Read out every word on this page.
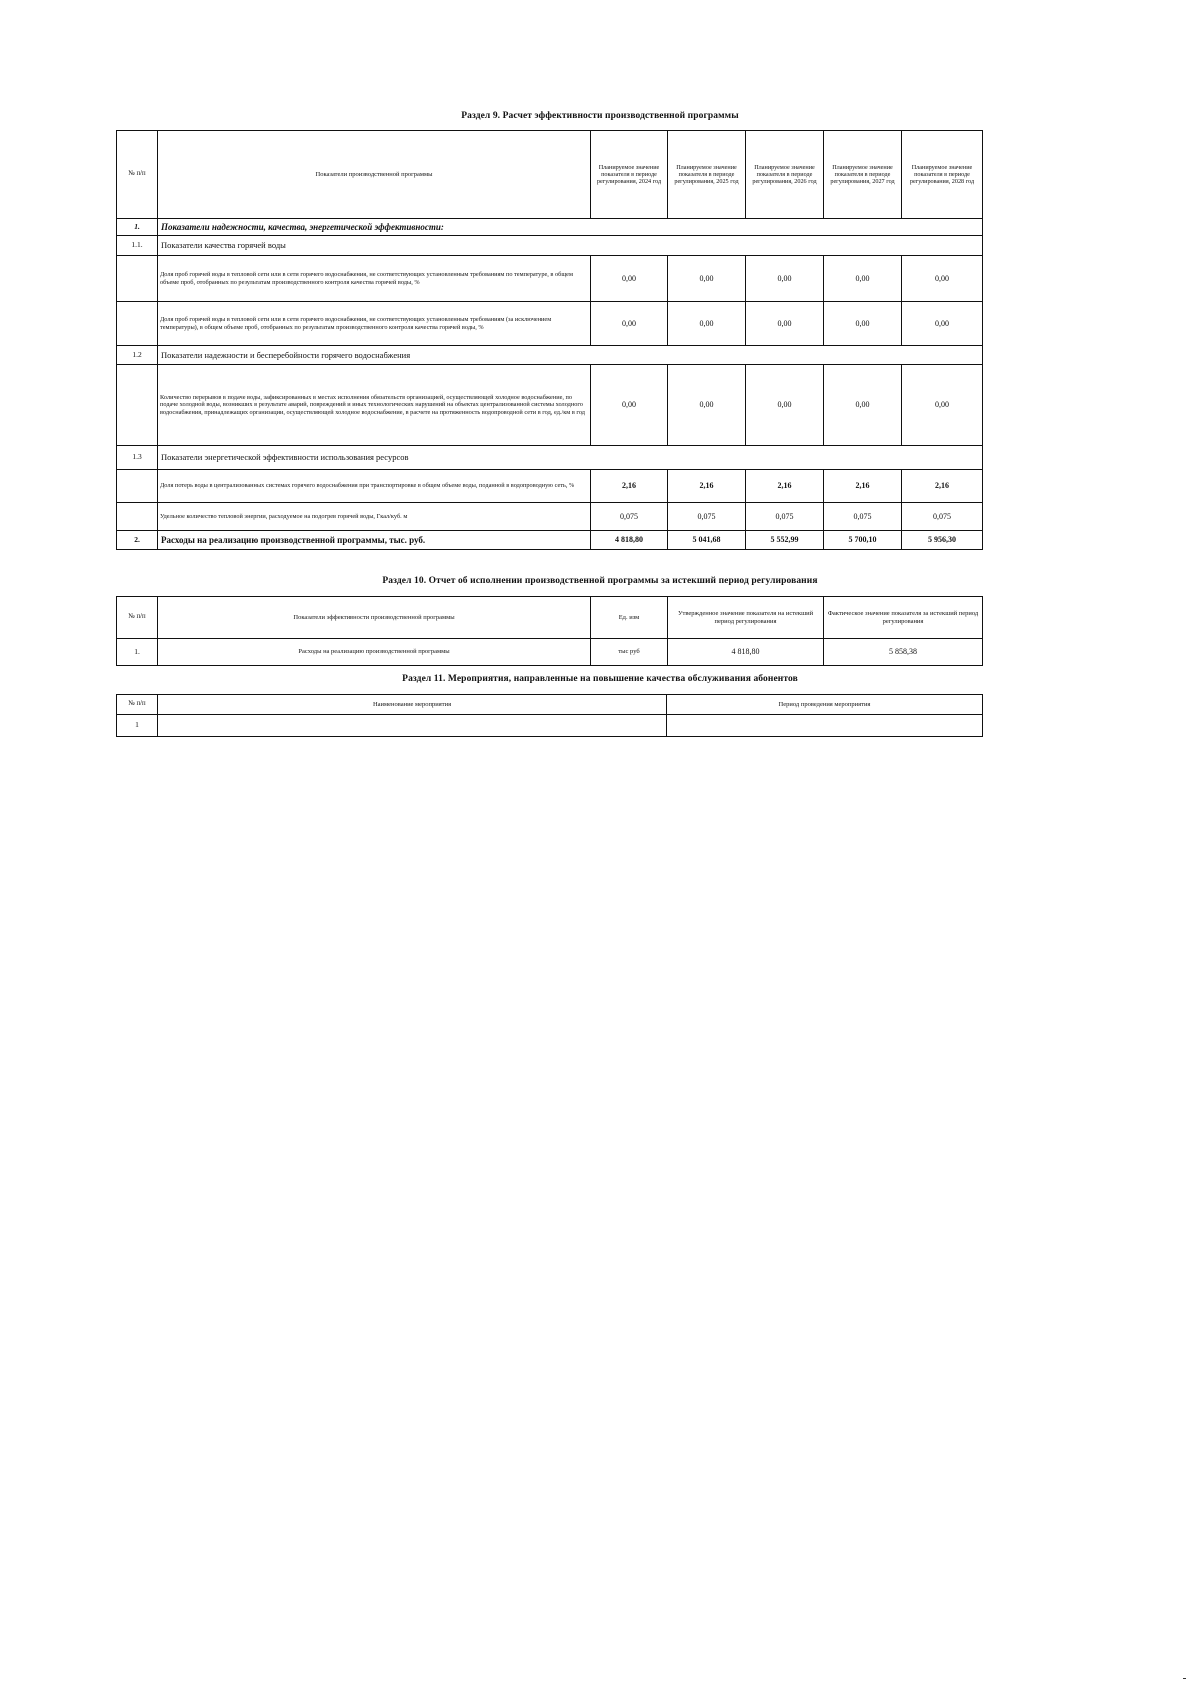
Раздел 9. Расчет эффективности производственной программы
№ п/п	Показатели производственной программы	Планируемое значение показателя в периоде регулирования, 2024 год	Планируемое значение показателя в периоде регулирования, 2025 год	Планируемое значение показателя в периоде регулирования, 2026 год	Планируемое значение показателя в периоде регулирования, 2027 год	Планируемое значение показателя в периоде регулирования, 2028 год
1.	Показатели надежности, качества, энергетической эффективности:					
1.1.	Показатели качества горячей воды					
	Доля проб горячей воды в тепловой сети или в сети горячего водоснабжения, не соответствующих установленным требованиям по температуре, в общем объеме проб, отобранных по результатам производственного контроля качества горячей воды, %	0,00	0,00	0,00	0,00	0,00
	Доля проб горячей воды в тепловой сети или в сети горячего водоснабжения, не соответствующих установленным требованиям (за исключением температуры), в общем объеме проб, отобранных по результатам производственного контроля качества горячей воды, %	0,00	0,00	0,00	0,00	0,00
1.2	Показатели надежности и бесперебойности горячего водоснабжения					
	Количество перерывов в подаче воды, зафиксированных в местах исполнения обязательств организацией, осуществляющей холодное водоснабжение, по подаче холодной воды, возникших в результате аварий, повреждений и иных технологических нарушений на объектах централизованной системы холодного водоснабжения, принадлежащих организации, осуществляющей холодное водоснабжение, в расчете на протяженность водопроводной сети в год, ед./км в год	0,00	0,00	0,00	0,00	0,00
1.3	Показатели энергетической эффективности использования ресурсов					
	Доля потерь воды в централизованных системах горячего водоснабжения при транспортировке в общем объеме воды, поданной в водопроводную сеть, %	2,16	2,16	2,16	2,16	2,16
	Удельное количество тепловой энергии, расходуемое на подогрев горячей воды, Гкал/куб. м	0,075	0,075	0,075	0,075	0,075
2.	Расходы на реализацию производственной программы, тыс. руб.	4 818,80	5 041,68	5 552,99	5 700,10	5 956,30
Раздел 10. Отчет об исполнении производственной программы за истекший период регулирования
№ п/п	Показатели эффективности производственной программы	Ед. изм	Утвержденное значение показателя на истекший период регулирования	Фактическое значение показателя за истекший период регулирования
1.	Расходы на реализацию производственной программы	тыс руб	4 818,80	5 858,38
Раздел 11. Мероприятия, направленные на повышение качества обслуживания абонентов
№ п/п	Наименование мероприятия	Период проведения мероприятия
1		
